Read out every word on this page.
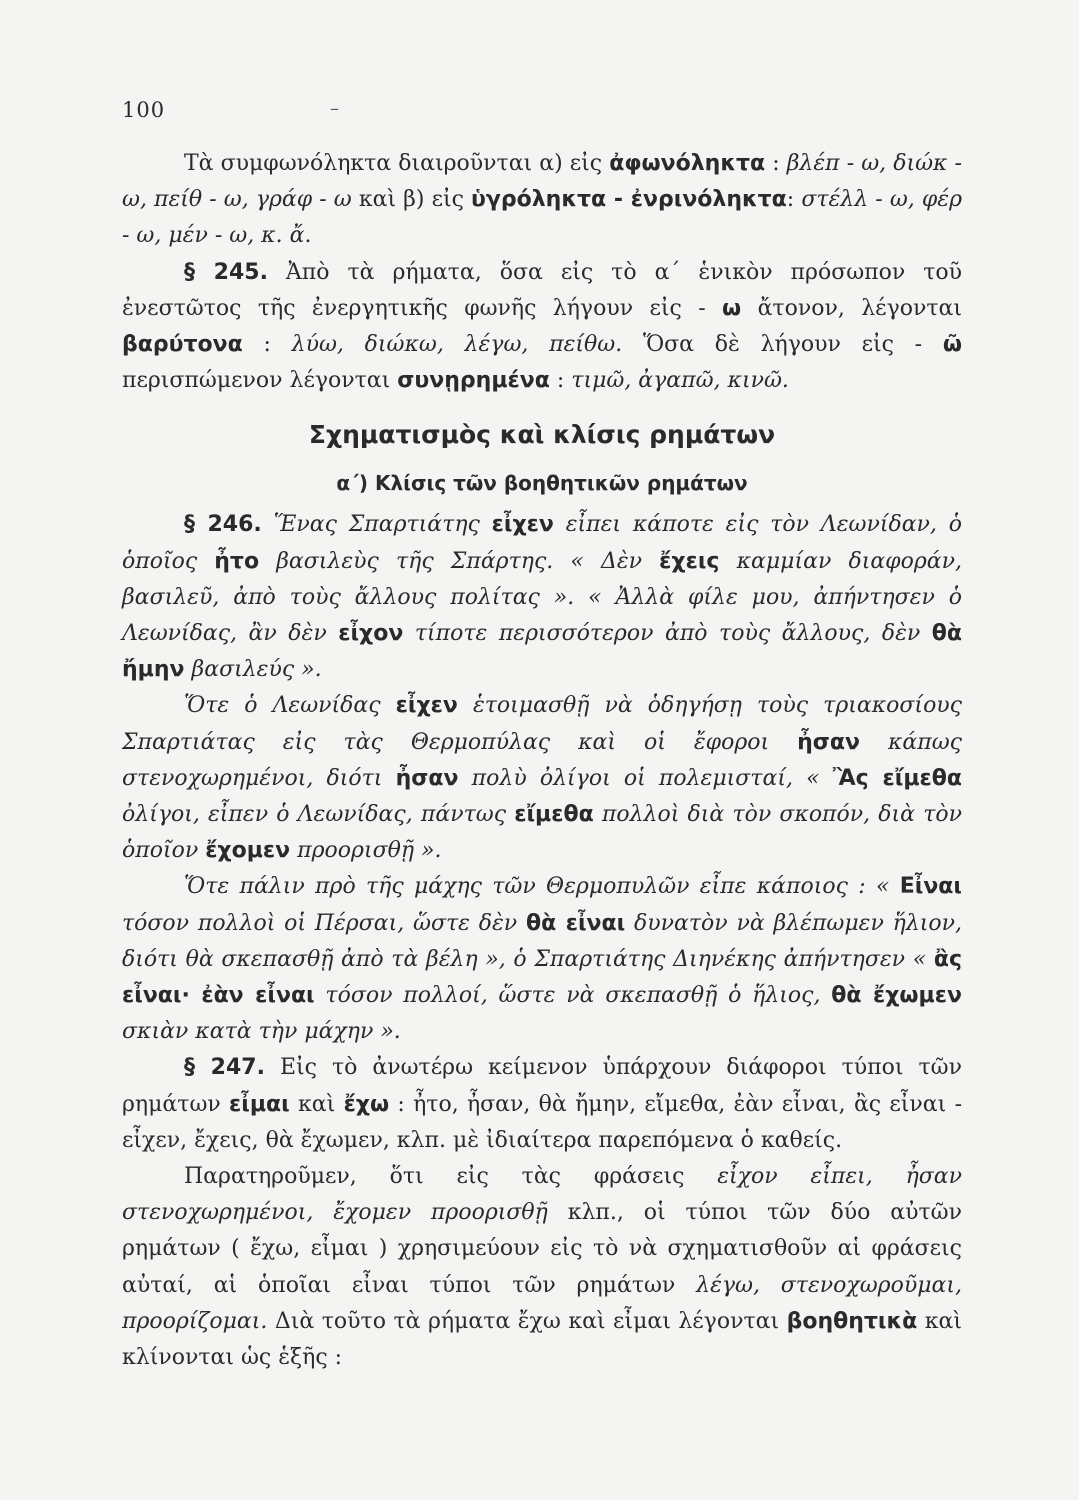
100	–

Τὰ συμφωνόληκτα διαιροῦνται α) εἰς ἀφωνόληκτα : βλέπ - ω, διώκ - ω, πείθ - ω, γράφ - ω καὶ β) εἰς ὑγρόληκτα - ἐνρινόληκτα: στέλλ - ω, φέρ - ω, μέν - ω, κ. ἄ.

§ 245. Ἀπὸ τὰ ρήματα, ὅσα εἰς τὸ α΄ ἑνικὸν πρόσωπον τοῦ ἐνεστῶτος τῆς ἐνεργητικῆς φωνῆς λήγουν εἰς - ω ἄτονον, λέγονται βαρύτονα : λύω, διώκω, λέγω, πείθω. Ὅσα δὲ λήγουν εἰς - ῶ περισπώμενον λέγονται συνῃρημένα : τιμῶ, ἀγαπῶ, κινῶ.

Σχηματισμὸς καὶ κλίσις ρημάτων
α΄) Κλίσις τῶν βοηθητικῶν ρημάτων

§ 246. Ἕνας Σπαρτιάτης εἶχεν εἶπει κάποτε εἰς τὸν Λεωνίδαν, ὁ ὁποῖος ἦτο βασιλεὺς τῆς Σπάρτης. « Δὲν ἔχεις καμμίαν διαφοράν, βασιλεῦ, ἀπὸ τοὺς ἄλλους πολίτας ». « Ἀλλὰ φίλε μου, ἀπήντησεν ὁ Λεωνίδας, ἂν δὲν εἶχον τίποτε περισσότερον ἀπὸ τοὺς ἄλλους, δὲν θὰ ἤμην βασιλεύς ».

Ὅτε ὁ Λεωνίδας εἶχεν ἑτοιμασθῇ νὰ ὁδηγήσῃ τοὺς τριακοσίους Σπαρτιάτας εἰς τὰς Θερμοπύλας καὶ οἱ ἔφοροι ἦσαν κάπως στενοχωρημένοι, διότι ἦσαν πολὺ ὀλίγοι οἱ πολεμισταί, « Ἂς εἴμεθα ὀλίγοι, εἶπεν ὁ Λεωνίδας, πάντως εἴμεθα πολλοὶ διὰ τὸν σκοπόν, διὰ τὸν ὁποῖον ἔχομεν προορισθῇ ».

Ὅτε πάλιν πρὸ τῆς μάχης τῶν Θερμοπυλῶν εἶπε κάποιος : « Εἶναι τόσον πολλοὶ οἱ Πέρσαι, ὥστε δὲν θὰ εἶναι δυνατὸν νὰ βλέπωμεν ἥλιον, διότι θὰ σκεπασθῇ ἀπὸ τὰ βέλη », ὁ Σπαρτιάτης Διηνέκης ἀπήντησεν « ἂς εἶναι· ἐὰν εἶναι τόσον πολλοί, ὥστε νὰ σκεπασθῇ ὁ ἥλιος, θὰ ἔχωμεν σκιὰν κατὰ τὴν μάχην ».

§ 247. Εἰς τὸ ἀνωτέρω κείμενον ὑπάρχουν διάφοροι τύποι τῶν ρημάτων εἶμαι καὶ ἔχω : ἦτο, ἦσαν, θὰ ἤμην, εἴμεθα, ἐὰν εἶναι, ἂς εἶναι - εἶχεν, ἔχεις, θὰ ἔχωμεν, κλπ. μὲ ἰδιαίτερα παρεπόμενα ὁ καθείς.

Παρατηροῦμεν, ὅτι εἰς τὰς φράσεις εἶχον εἶπει, ἦσαν στενοχωρημένοι, ἔχομεν προορισθῇ κλπ., οἱ τύποι τῶν δύο αὐτῶν ρημάτων ( ἔχω, εἶμαι ) χρησιμεύουν εἰς τὸ νὰ σχηματισθοῦν αἱ φράσεις αὐταί, αἱ ὁποῖαι εἶναι τύποι τῶν ρημάτων λέγω, στενοχωροῦμαι, προορίζομαι. Διὰ τοῦτο τὰ ρήματα ἔχω καὶ εἶμαι λέγονται βοηθητικὰ καὶ κλίνονται ὡς ἑξῆς :
